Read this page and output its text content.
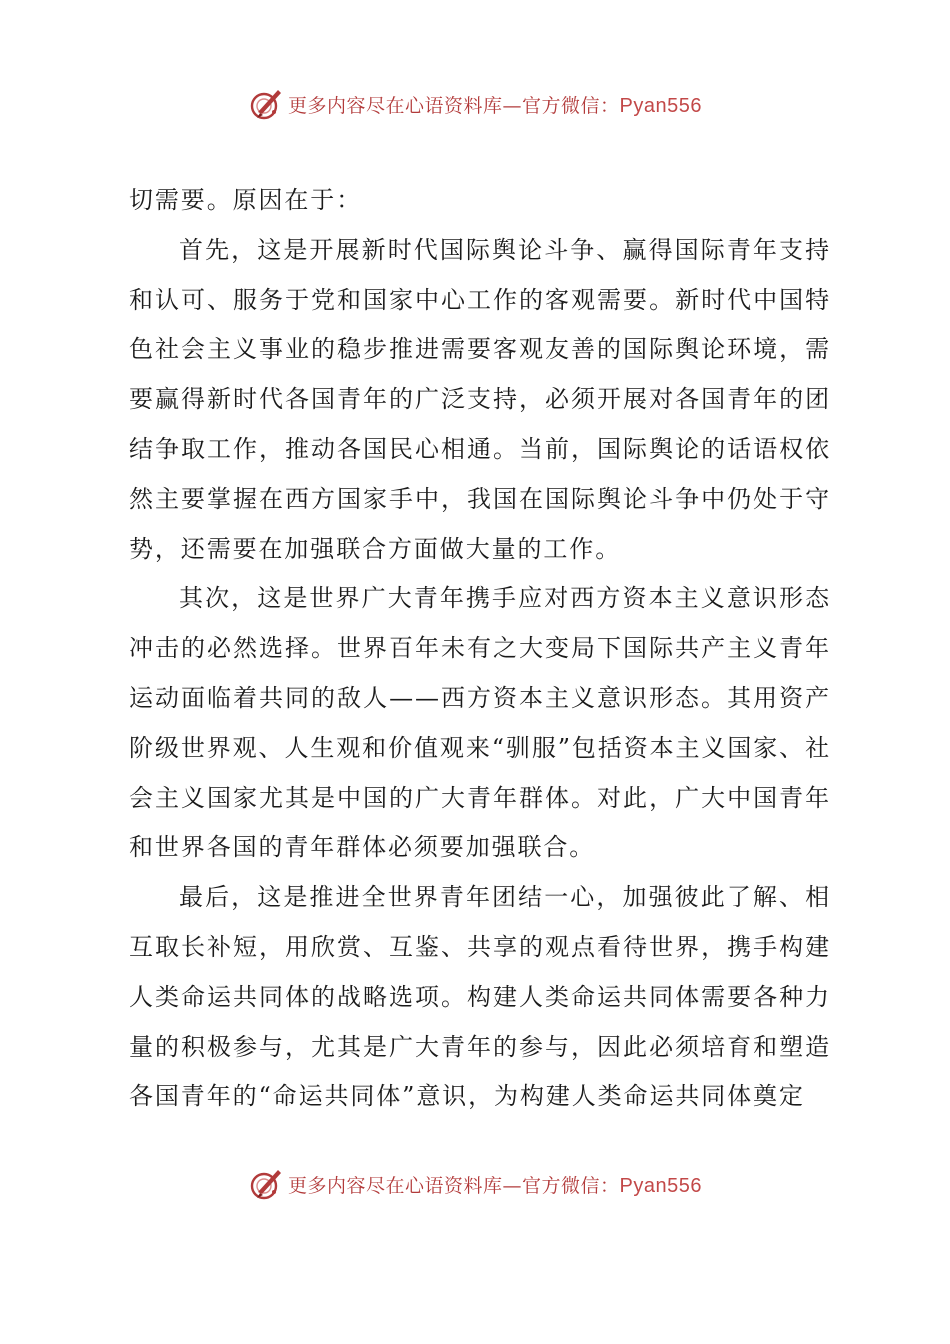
更多内容尽在心语资料库—官方微信：Pyan556

切需要。原因在于：

首先，这是开展新时代国际舆论斗争、赢得国际青年支持和认可、服务于党和国家中心工作的客观需要。新时代中国特色社会主义事业的稳步推进需要客观友善的国际舆论环境，需要赢得新时代各国青年的广泛支持，必须开展对各国青年的团结争取工作，推动各国民心相通。当前，国际舆论的话语权依然主要掌握在西方国家手中，我国在国际舆论斗争中仍处于守势，还需要在加强联合方面做大量的工作。

其次，这是世界广大青年携手应对西方资本主义意识形态冲击的必然选择。世界百年未有之大变局下国际共产主义青年运动面临着共同的敌人——西方资本主义意识形态。其用资产阶级世界观、人生观和价值观来“驯服”包括资本主义国家、社会主义国家尤其是中国的广大青年群体。对此，广大中国青年和世界各国的青年群体必须要加强联合。

最后，这是推进全世界青年团结一心，加强彼此了解、相互取长补短，用欣赏、互鉴、共享的观点看待世界，携手构建人类命运共同体的战略选项。构建人类命运共同体需要各种力量的积极参与，尤其是广大青年的参与，因此必须培育和塑造各国青年的“命运共同体”意识，为构建人类命运共同体奠定

更多内容尽在心语资料库—官方微信：Pyan556
